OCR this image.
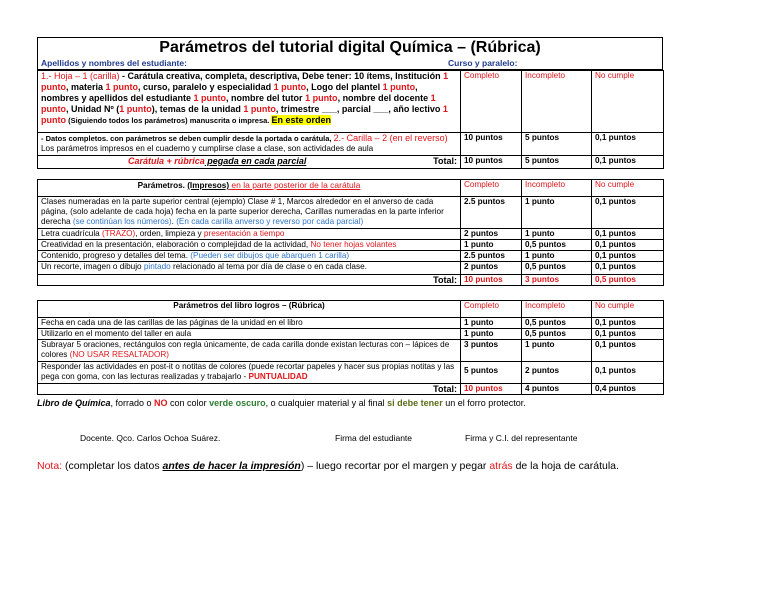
Parámetros del tutorial digital Química – (Rúbrica)
Apellidos y nombres del estudiante:	Curso y paralelo:
1.- Hoja – 1 (carilla) - Carátula creativa, completa, descriptiva, Debe tener: 10 ítems, Institución 1 punto, materia 1 punto, curso, paralelo y especialidad 1 punto, Logo del plantel 1 punto, nombres y apellidos del estudiante 1 punto, nombre del tutor 1 punto, nombre del docente 1 punto, Unidad Nº (1 punto), temas de la unidad 1 punto, trimestre ___, parcial ___, año lectivo 1 punto (Siguiendo todos los parámetros) manuscrita o impresa. En este orden	Completo	Incompleto	No cumple
- Datos completos. con parámetros se deben cumplir desde la portada o carátula, 2.- Carilla – 2 (en el reverso) Los parámetros impresos en el cuaderno y cumplirse clase a clase, son actividades de aula	10 puntos	5 puntos	0,1 puntos

Carátula + rúbrica pegada en cada parcial Total:	10 puntos	5 puntos	0,1 puntos
Parámetros. (Impresos) en la parte posterior de la carátula	Completo	Incompleto	No cumple
Clases numeradas en la parte superior central (ejemplo) Clase # 1, Marcos alrededor en el anverso de cada página, (solo adelante de cada hoja) fecha en la parte superior derecha, Carillas numeradas en la parte inferior derecha (se continúan los números). (En cada carilla anverso y reverso por cada parcial)	2.5 puntos	1 punto	0,1 puntos
Letra cuadrícula (TRAZO), orden, limpieza y presentación a tiempo	2 puntos	1 punto	0,1 puntos
Creatividad en la presentación, elaboración o complejidad de la actividad, No tener hojas volantes	1 punto	0,5 puntos	0,1 puntos
Contenido, progreso y detalles del tema. (Pueden ser dibujos que abarquen 1 carilla)	2.5 puntos	1 punto	0,1 puntos
Un recorte, imagen o dibujo pintado relacionado al tema por día de clase o en cada clase.	2 puntos	0,5 puntos	0,1 puntos
Total:	10 puntos	3 puntos	0,5 puntos
Parámetros del libro logros – (Rúbrica)	Completo	Incompleto	No cumple
Fecha en cada una de las carillas de las páginas de la unidad en el libro	1 punto	0,5 puntos	0,1 puntos
Utilizarlo en el momento del taller en aula	1 punto	0,5 puntos	0,1 puntos
Subrayar 5 oraciones, rectángulos con regla únicamente, de cada carilla donde existan lecturas con – lápices de colores (NO USAR RESALTADOR)	3 puntos	1 punto	0,1 puntos
Responder las actividades en post-it o notitas de colores (puede recortar papeles y hacer sus propias notitas y las pega con goma, con las lecturas realizadas y trabajarlo - PUNTUALIDAD	5 puntos	2 puntos	0,1 puntos
Total:	10 puntos	4 puntos	0,4 puntos
Libro de Química, forrado o NO con color verde oscuro, o cualquier material y al final si debe tener un el forro protector.
Docente. Qco. Carlos Ochoa Suárez.	Firma del estudiante	Firma y C.I. del representante
Nota: (completar los datos antes de hacer la impresión) – luego recortar por el margen y pegar atrás de la hoja de carátula.
